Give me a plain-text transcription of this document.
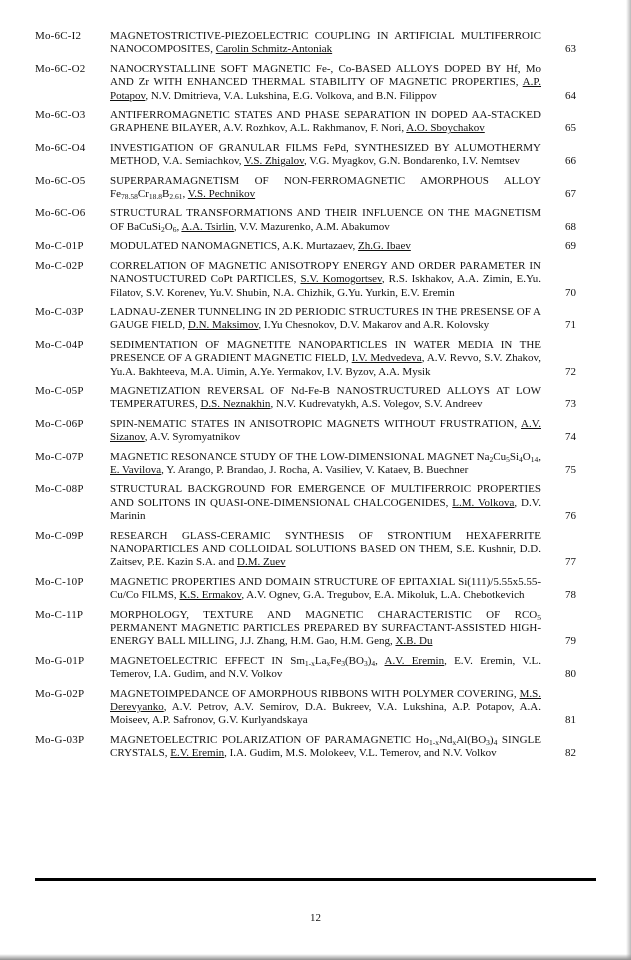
Mo-6C-I2	MAGNETOSTRICTIVE-PIEZOELECTRIC COUPLING IN ARTIFICIAL MULTIFERROIC NANOCOMPOSITES, Carolin Schmitz-Antoniak	63
Mo-6C-O2	NANOCRYSTALLINE SOFT MAGNETIC Fe-, Co-BASED ALLOYS DOPED BY Hf, Mo AND Zr WITH ENHANCED THERMAL STABILITY OF MAGNETIC PROPERTIES, A.P. Potapov, N.V. Dmitrieva, V.A. Lukshina, E.G. Volkova, and B.N. Filippov	64
Mo-6C-O3	ANTIFERROMAGNETIC STATES AND PHASE SEPARATION IN DOPED AA-STACKED GRAPHENE BILAYER, A.V. Rozhkov, A.L. Rakhmanov, F. Nori, A.O. Sboychakov	65
Mo-6C-O4	INVESTIGATION OF GRANULAR FILMS FePd, SYNTHESIZED BY ALUMOTHERMY METHOD, V.A. Semiachkov, V.S. Zhigalov, V.G. Myagkov, G.N. Bondarenko, I.V. Nemtsev	66
Mo-6C-O5	SUPERPARAMAGNETISM OF NON-FERROMAGNETIC AMORPHOUS ALLOY $Fe_{78.58}Cr_{18.8}B_{2.61}$, V.S. Pechnikov	67
Mo-6C-O6	STRUCTURAL TRANSFORMATIONS AND THEIR INFLUENCE ON THE MAGNETISM OF $BaCuSi_2O_6$, A.A. Tsirlin, V.V. Mazurenko, A.M. Abakumov	68
Mo-C-01P	MODULATED NANOMAGNETICS, A.K. Murtazaev, Zh.G. Ibaev	69
Mo-C-02P	CORRELATION OF MAGNETIC ANISOTROPY ENERGY AND ORDER PARAMETER IN NANOSTUCTURED CoPt PARTICLES, S.V. Komogortsev, R.S. Iskhakov, A.A. Zimin, E.Yu. Filatov, S.V. Korenev, Yu.V. Shubin, N.A. Chizhik, G.Yu. Yurkin, E.V. Eremin	70
Mo-C-03P	LADNAU-ZENER TUNNELING IN 2D PERIODIC STRUCTURES IN THE PRESENSE OF A GAUGE FIELD, D.N. Maksimov, I.Yu Chesnokov, D.V. Makarov and A.R. Kolovsky	71
Mo-C-04P	SEDIMENTATION OF MAGNETITE NANOPARTICLES IN WATER MEDIA IN THE PRESENCE OF A GRADIENT MAGNETIC FIELD, I.V. Medvedeva, A.V. Revvo, S.V. Zhakov, Yu.A. Bakhteeva, M.A. Uimin, A.Ye. Yermakov, I.V. Byzov, A.A. Mysik	72
Mo-C-05P	MAGNETIZATION REVERSAL OF Nd-Fe-B NANOSTRUCTURED ALLOYS AT LOW TEMPERATURES, D.S. Neznakhin, N.V. Kudrevatykh, A.S. Volegov, S.V. Andreev	73
Mo-C-06P	SPIN-NEMATIC STATES IN ANISOTROPIC MAGNETS WITHOUT FRUSTRATION, A.V. Sizanov, A.V. Syromyatnikov	74
Mo-C-07P	MAGNETIC RESONANCE STUDY OF THE LOW-DIMENSIONAL MAGNET $Na_2Cu_5Si_4O_{14}$, E. Vavilova, Y. Arango, P. Brandao, J. Rocha, A. Vasiliev, V. Kataev, B. Buechner	75
Mo-C-08P	STRUCTURAL BACKGROUND FOR EMERGENCE OF MULTIFERROIC PROPERTIES AND SOLITONS IN QUASI-ONE-DIMENSIONAL CHALCOGENIDES, L.M. Volkova, D.V. Marinin	76
Mo-C-09P	RESEARCH GLASS-CERAMIC SYNTHESIS OF STRONTIUM HEXAFERRITE NANOPARTICLES AND COLLOIDAL SOLUTIONS BASED ON THEM, S.E. Kushnir, D.D. Zaitsev, P.E. Kazin S.A. and D.M. Zuev	77
Mo-C-10P	MAGNETIC PROPERTIES AND DOMAIN STRUCTURE OF EPITAXIAL Si(111)/5.55x5.55-Cu/Co FILMS, K.S. Ermakov, A.V. Ognev, G.A. Tregubov, E.A. Mikoluk, L.A. Chebotkevich	78
Mo-C-11P	MORPHOLOGY, TEXTURE AND MAGNETIC CHARACTERISTIC OF $RCO_5$ PERMANENT MAGNETIC PARTICLES PREPARED BY SURFACTANT-ASSISTED HIGH-ENERGY BALL MILLING, J.J. Zhang, H.M. Gao, H.M. Geng, X.B. Du	79
Mo-G-01P	MAGNETOELECTRIC EFFECT IN $Sm_{1-x}La_xFe_3(BO_3)_4$, A.V. Eremin, E.V. Eremin, V.L. Temerov, I.A. Gudim, and N.V. Volkov	80
Mo-G-02P	MAGNETOIMPEDANCE OF AMORPHOUS RIBBONS WITH POLYMER COVERING, M.S. Derevyanko, A.V. Petrov, A.V. Semirov, D.A. Bukreev, V.A. Lukshina, A.P. Potapov, A.A. Moiseev, A.P. Safronov, G.V. Kurlyandskaya	81
Mo-G-03P	MAGNETOELECTRIC POLARIZATION OF PARAMAGNETIC $Ho_{1-x}Nd_xAl(BO_3)_4$ SINGLE CRYSTALS, E.V. Eremin, I.A. Gudim, M.S. Molokeev, V.L. Temerov, and N.V. Volkov	82
12
